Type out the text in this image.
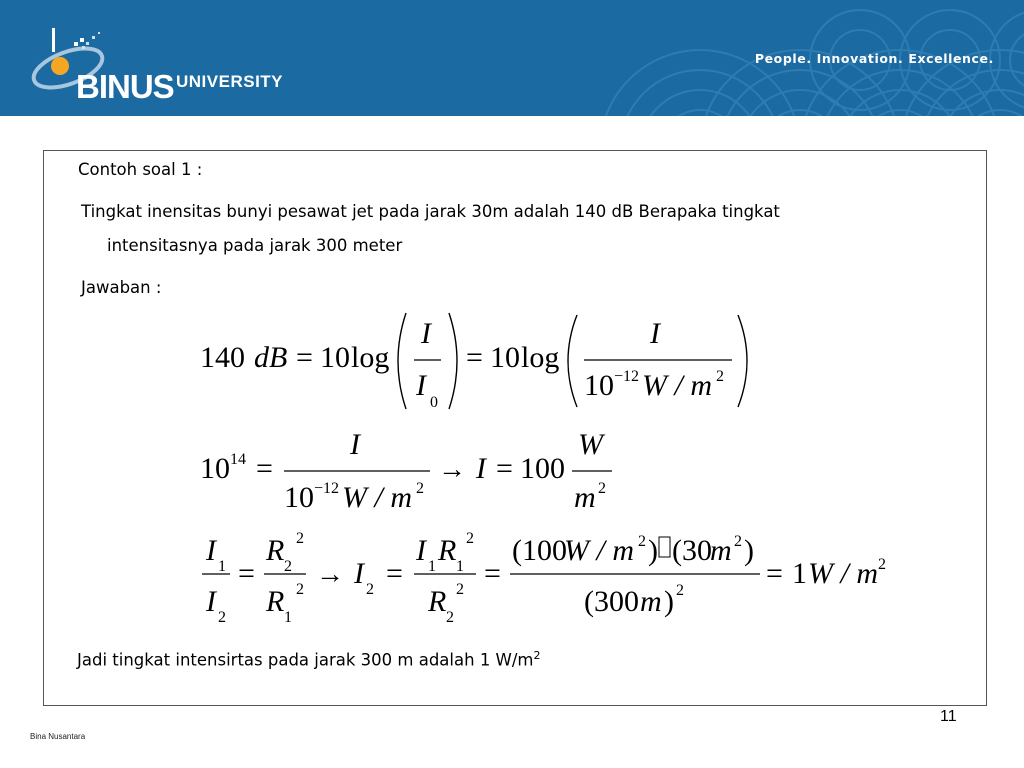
BINUS UNIVERSITY
People. Innovation. Excellence.
Contoh soal 1 :
Tingkat inensitas bunyi pesawat jet pada jarak 30m adalah 140 dB Berapaka tingkat
intensitasnya pada jarak 300 meter
Jawaban :
140 dB = 10 log
I
I
0
= 10 log
I
10 −12 W / m 2
10 14 =
I
10 −12 W / m 2
→ I = 100
W
m 2
I 1
I 2
=
R 2
2
R 1
2 → I 2 =
I 1 R 1
2
R 2
2 =
(100
W / m 2 ) (30
m 2 )
(300 m ) 2
= 1 W / m 2
Jadi tingkat intensirtas pada jarak 300 m adalah 1 $W/m^2$
11
Bina Nusantara
